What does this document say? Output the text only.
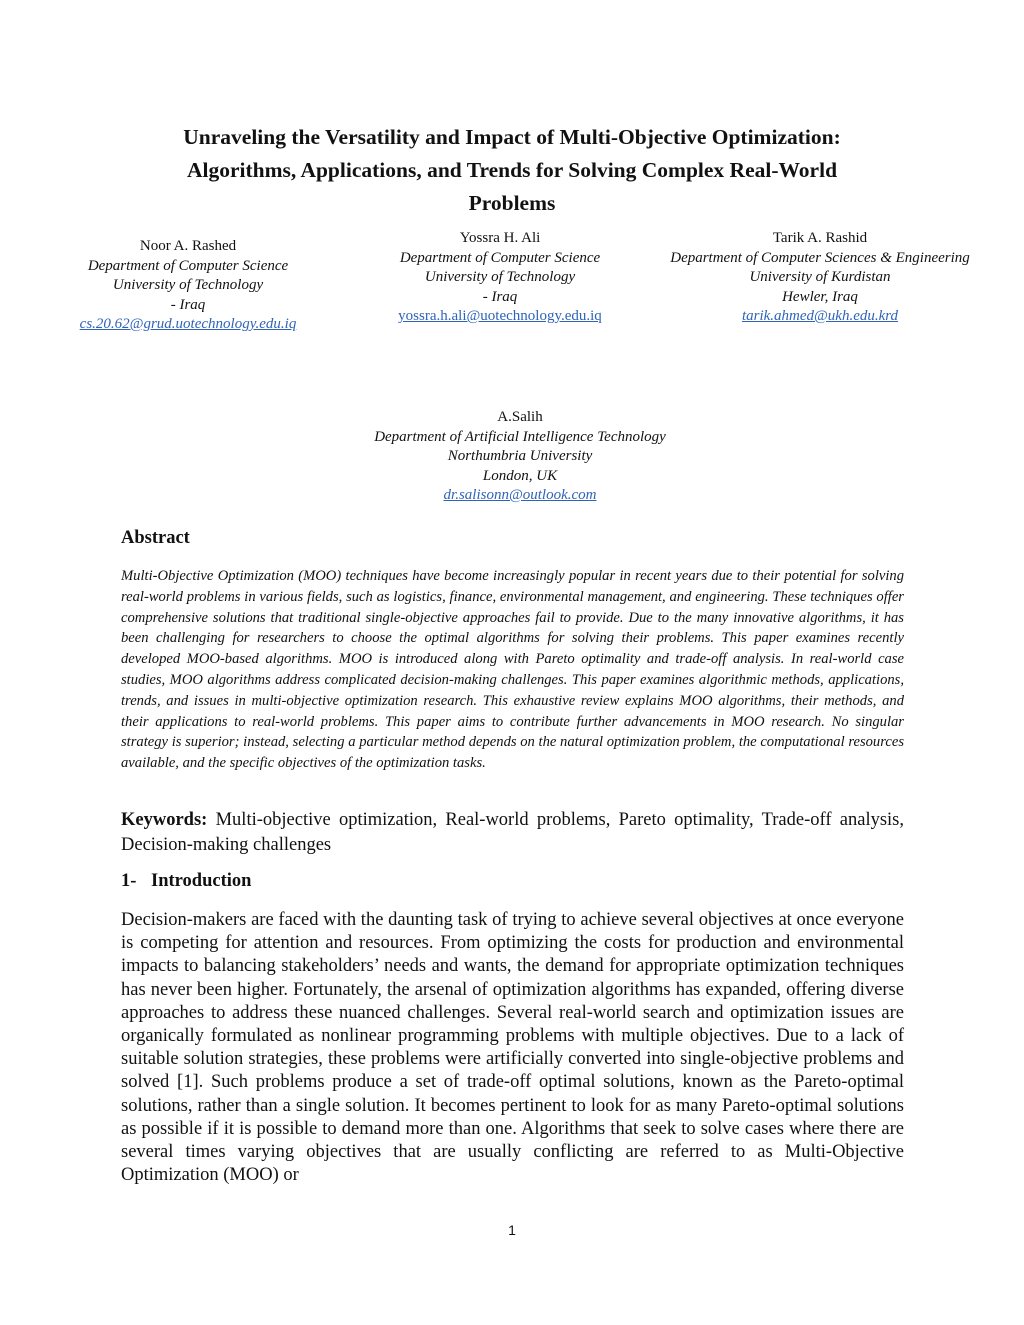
Unraveling the Versatility and Impact of Multi-Objective Optimization:
Algorithms, Applications, and Trends for Solving Complex Real-World
Problems
Noor A. Rashed
Department of Computer Science
University of Technology
- Iraq
cs.20.62@grud.uotechnology.edu.iq
Yossra H. Ali
Department of Computer Science
University of Technology
- Iraq
yossra.h.ali@uotechnology.edu.iq
Tarik A. Rashid
Department of Computer Sciences & Engineering
University of Kurdistan
Hewler, Iraq
tarik.ahmed@ukh.edu.krd
A.Salih
Department of Artificial Intelligence Technology
Northumbria University
London, UK
dr.salisonn@outlook.com
Abstract

Multi-Objective Optimization (MOO) techniques have become increasingly popular in recent years due to their potential for solving real-world problems in various fields, such as logistics, finance, environmental management, and engineering. These techniques offer comprehensive solutions that traditional single-objective approaches fail to provide. Due to the many innovative algorithms, it has been challenging for researchers to choose the optimal algorithms for solving their problems. This paper examines recently developed MOO-based algorithms. MOO is introduced along with Pareto optimality and trade-off analysis. In real-world case studies, MOO algorithms address complicated decision-making challenges. This paper examines algorithmic methods, applications, trends, and issues in multi-objective optimization research. This exhaustive review explains MOO algorithms, their methods, and their applications to real-world problems. This paper aims to contribute further advancements in MOO research. No singular strategy is superior; instead, selecting a particular method depends on the natural optimization problem, the computational resources available, and the specific objectives of the optimization tasks.

Keywords: Multi-objective optimization, Real-world problems, Pareto optimality, Trade-off analysis, Decision-making challenges

1- Introduction

Decision-makers are faced with the daunting task of trying to achieve several objectives at once everyone is competing for attention and resources. From optimizing the costs for production and environmental impacts to balancing stakeholders’ needs and wants, the demand for appropriate optimization techniques has never been higher. Fortunately, the arsenal of optimization algorithms has expanded, offering diverse approaches to address these nuanced challenges. Several real-world search and optimization issues are organically formulated as nonlinear programming problems with multiple objectives. Due to a lack of suitable solution strategies, these problems were artificially converted into single-objective problems and solved [1]. Such problems produce a set of trade-off optimal solutions, known as the Pareto-optimal solutions, rather than a single solution. It becomes pertinent to look for as many Pareto-optimal solutions as possible if it is possible to demand more than one. Algorithms that seek to solve cases where there are several times varying objectives that are usually conflicting are referred to as Multi-Objective Optimization (MOO) or

1
